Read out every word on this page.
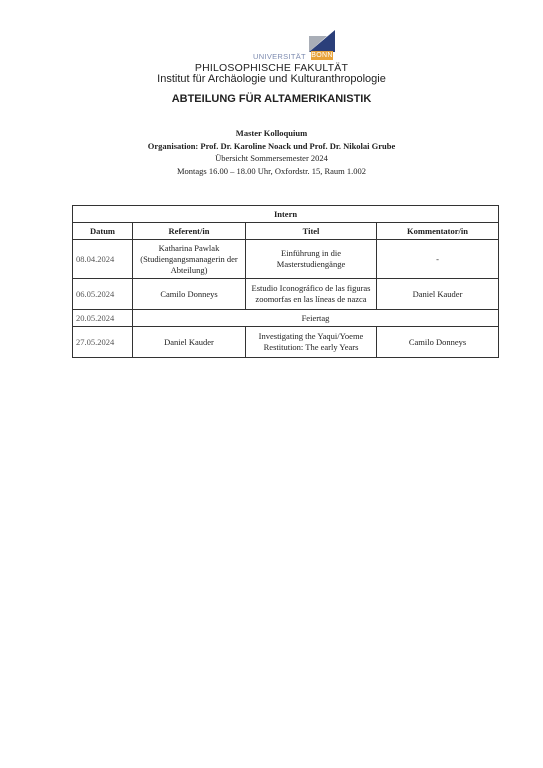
UNIVERSITÄT BONN
PHILOSOPHISCHE FAKULTÄT
Institut für Archäologie und Kulturanthropologie
ABTEILUNG FÜR ALTAMERIKANISTIK
Master Kolloquium
Organisation: Prof. Dr. Karoline Noack und Prof. Dr. Nikolai Grube
Übersicht Sommersemester 2024
Montags 16.00 – 18.00 Uhr, Oxfordstr. 15, Raum 1.002
Intern			
Datum	Referent/in	Titel	Kommentator/in
08.04.2024	Katharina Pawlak (Studiengangsmanagerin der Abteilung)	Einführung in die Masterstudiengänge	-
06.05.2024	Camilo Donneys	Estudio Iconográfico de las figuras zoomorfas en las líneas de nazca	Daniel Kauder
20.05.2024	Feiertag		
27.05.2024	Daniel Kauder	Investigating the Yaqui/Yoeme Restitution: The early Years	Camilo Donneys
